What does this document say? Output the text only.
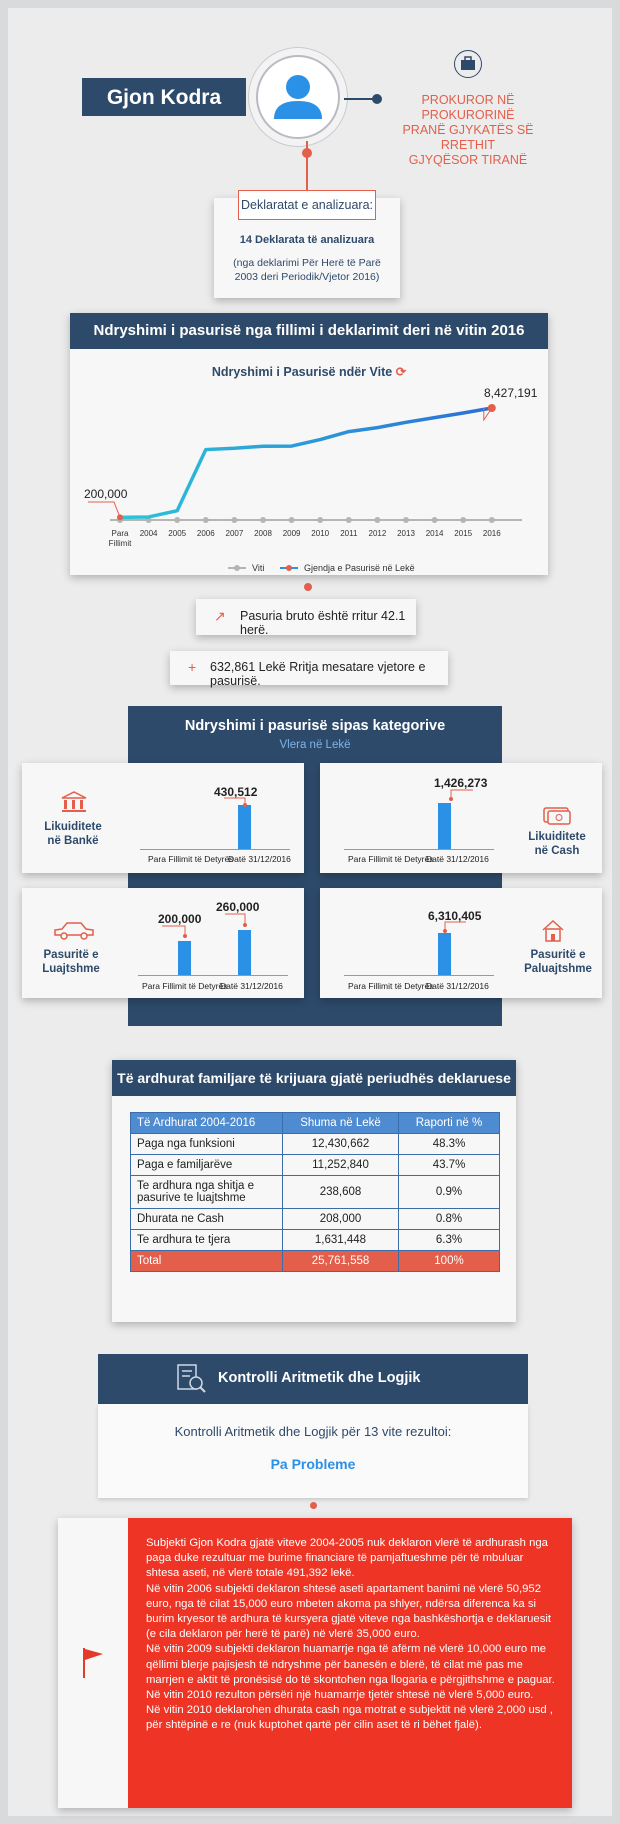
Gjon Kodra	PROKUROR NË PROKURORINË
PRANË GJYKATËS SË RRETHIT
GJYQËSOR TIRANË
Deklaratat e analizuara:
14 Deklarata të analizuara
(nga deklarimi Për Herë të Parë 2003 deri Periodik/Vjetor 2016)
Ndryshimi i pasurisë nga fillimi i deklarimit deri në vitin 2016
Ndryshimi i Pasurisë ndër Vite ⟳
Para
Fillimit
2004 2005 2006 2007 2008 2009 2010 2011 2012 2013 2014 2015 2016
200,000
8,427,191
Viti	Gjendja e Pasurisë në Lekë
↗ Pasuria bruto është rritur 42.1 herë.
+ 632,861 Lekë Rritja mesatare vjetore e pasurisë.
Ndryshimi i pasurisë sipas kategorive
Vlera në Lekë
Likuiditete
në Bankë
430,512
Para Fillimit të Detyrës
Datë 31/12/2016
Likuiditete
në Cash
1,426,273
Para Fillimit të Detyrës
Datë 31/12/2016
Pasuritë e
Luajtshme
200,000
260,000
Para Fillimit të Detyrës
Datë 31/12/2016
Pasuritë e
Paluajtshme
6,310,405
Para Fillimit të Detyrës
Datë 31/12/2016
Të ardhurat familjare të krijuara gjatë periudhës deklaruese
Të Ardhurat 2004-2016	Shuma në Lekë	Raporti në %
Paga nga funksioni	12,430,662	48.3%
Paga e familjarëve	11,252,840	43.7%
Te ardhura nga shitja e pasurive te luajtshme	238,608	0.9%
Dhurata ne Cash	208,000	0.8%
Te ardhura te tjera	1,631,448	6.3%
Total	25,761,558	100%
Kontrolli Aritmetik dhe Logjik
Kontrolli Aritmetik dhe Logjik për 13 vite rezultoi:
Pa Probleme
Subjekti Gjon Kodra gjatë viteve 2004-2005 nuk deklaron vlerë të ardhurash nga paga duke rezultuar me burime financiare të pamjaftueshme për të mbuluar shtesa aseti, në vlerë totale 491,392 lekë.
Në vitin 2006 subjekti deklaron shtesë aseti apartament banimi në vlerë 50,952 euro, nga të cilat 15,000 euro mbeten akoma pa shlyer, ndërsa diferenca ka si burim kryesor të ardhura të kursyera gjatë viteve nga bashkëshortja e deklaruesit (e cila deklaron për herë të parë) në vlerë 35,000 euro.
Në vitin 2009 subjekti deklaron huamarrje nga të afërm në vlerë 10,000 euro me qëllimi blerje pajisjesh të ndryshme për banesën e blerë, të cilat më pas me marrjen e aktit të pronësisë do të skontohen nga llogaria e përgjithshme e paguar. Në vitin 2010 rezulton përsëri një huamarrje tjetër shtesë në vlerë 5,000 euro.
Në vitin 2010 deklarohen dhurata cash nga motrat e subjektit në vlerë 2,000 usd , për shtëpinë e re (nuk kuptohet qartë për cilin aset të ri bëhet fjalë).
